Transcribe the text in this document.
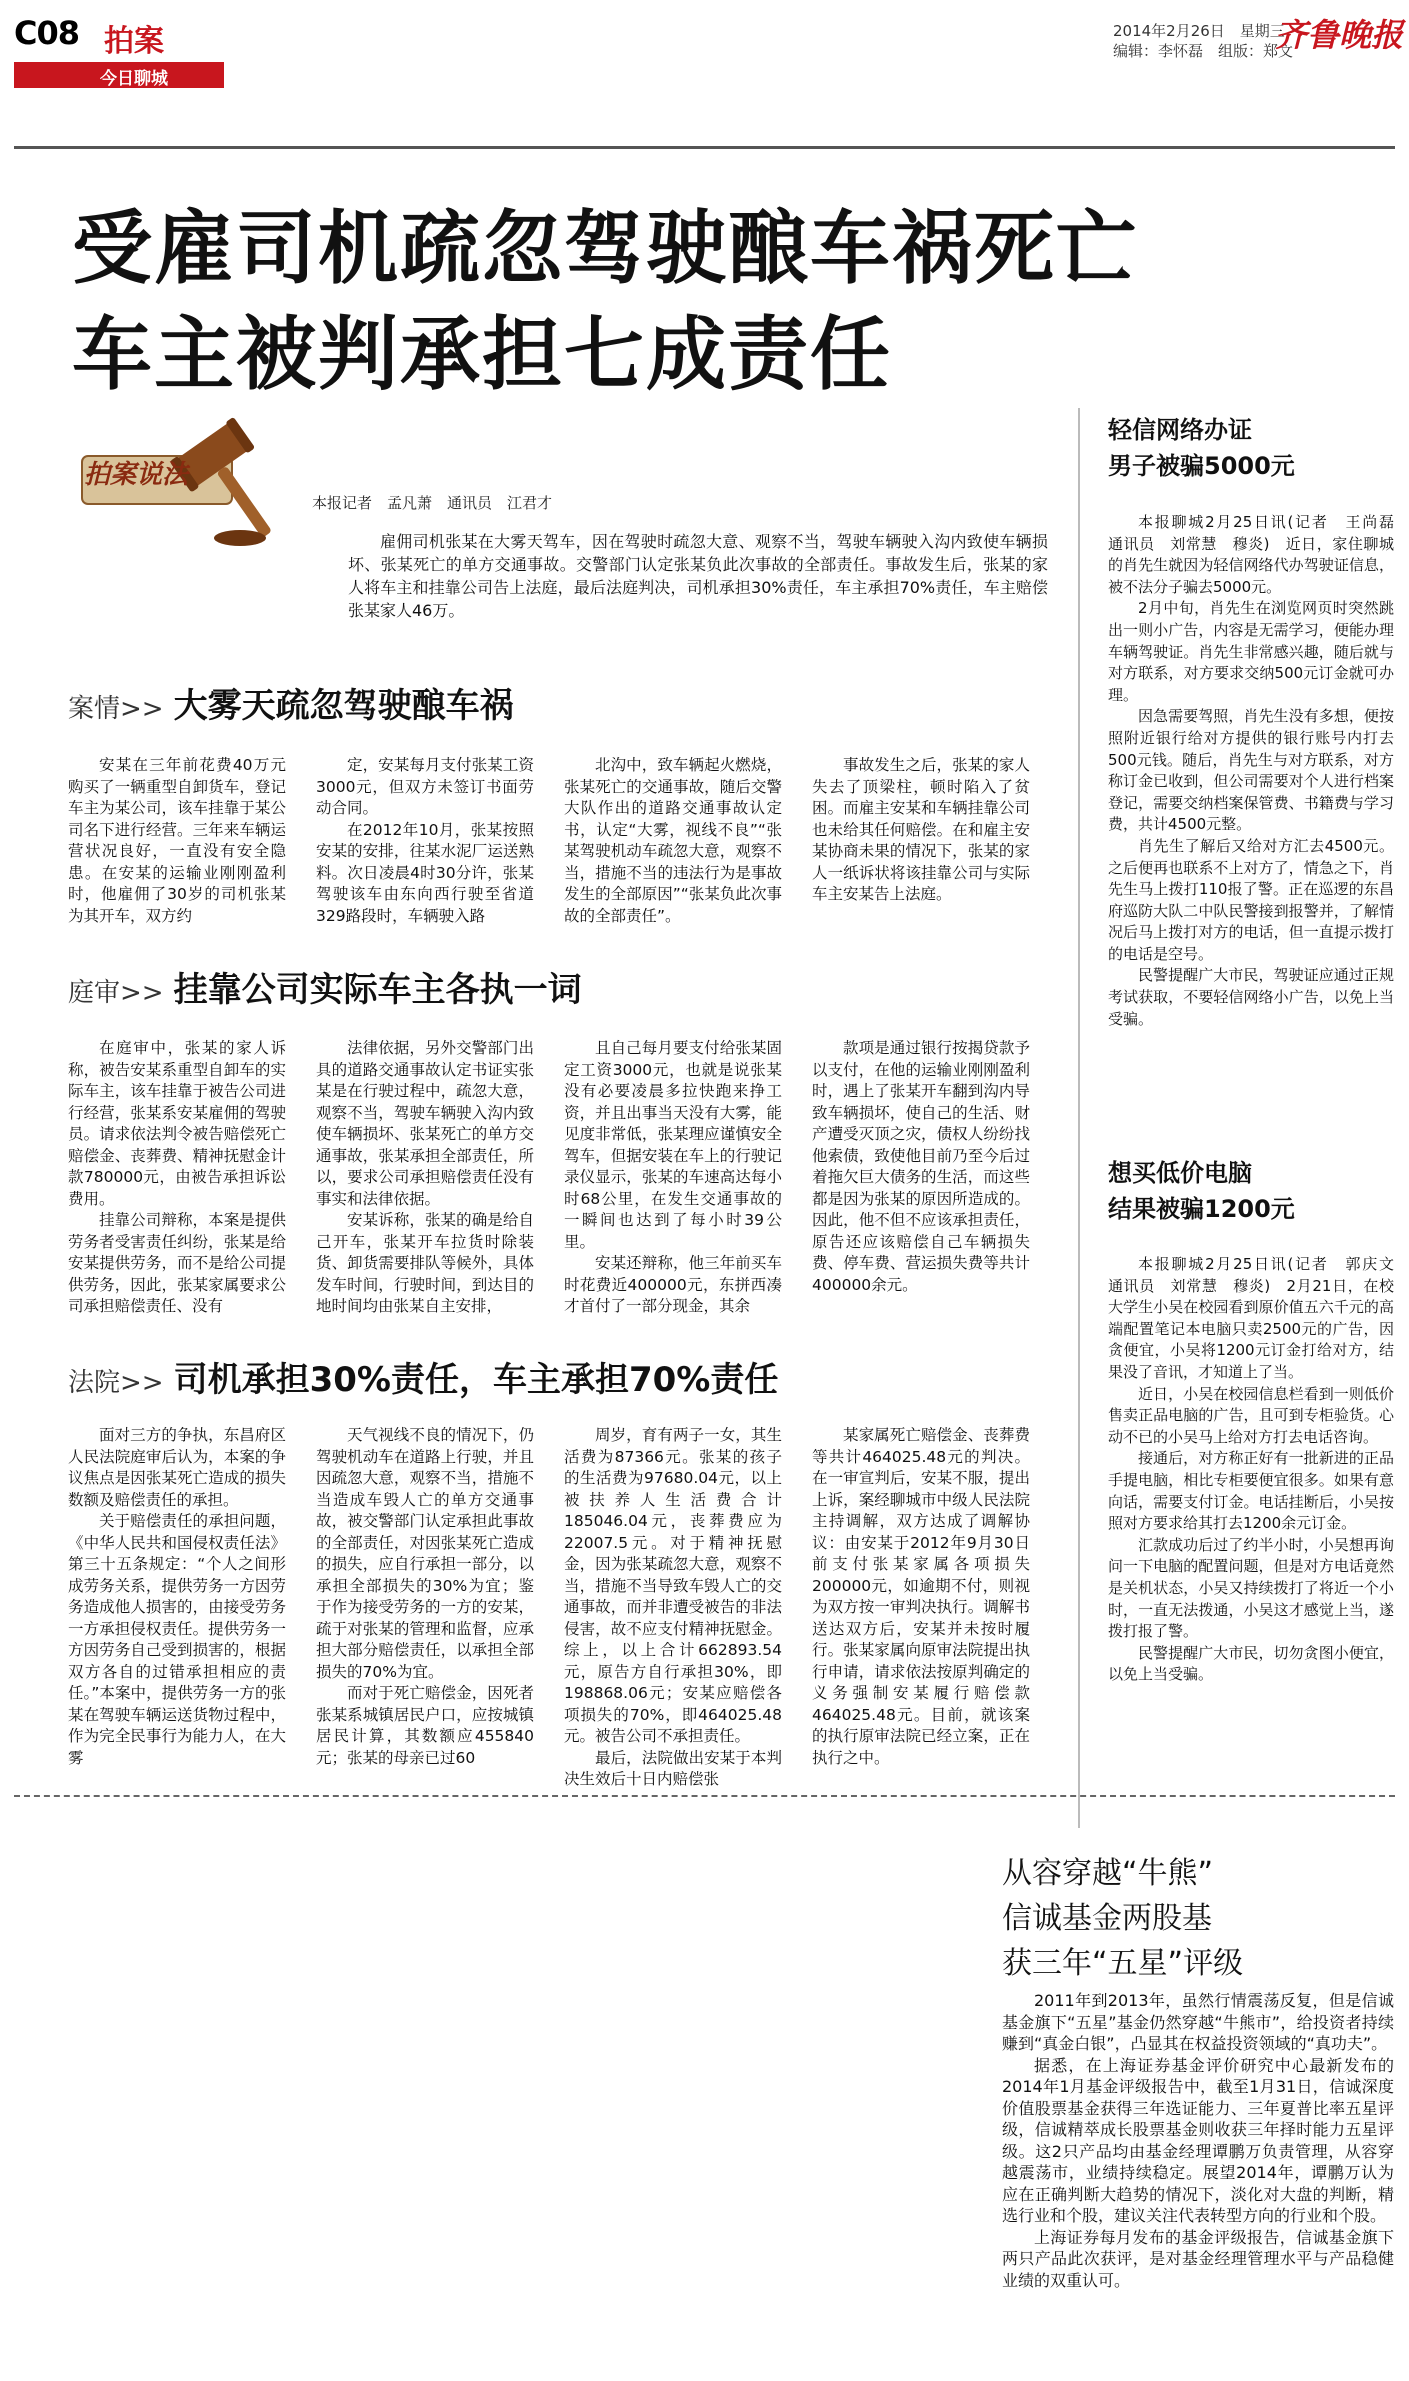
C08 拍案
今日聊城
2014年2月26日　星期三
编辑：李怀磊　组版：郑文
齐鲁晚报
受雇司机疏忽驾驶酿车祸死亡
车主被判承担七成责任
拍案说法
本报记者　孟凡萧　通讯员　江君才
雇佣司机张某在大雾天驾车，因在驾驶时疏忽大意、观察不当，驾驶车辆驶入沟内致使车辆损坏、张某死亡的单方交通事故。交警部门认定张某负此次事故的全部责任。事故发生后，张某的家人将车主和挂靠公司告上法庭，最后法庭判决，司机承担30%责任，车主承担70%责任，车主赔偿张某家人46万。
案情>> 大雾天疏忽驾驶酿车祸

安某在三年前花费40万元购买了一辆重型自卸货车，登记车主为某公司，该车挂靠于某公司名下进行经营。三年来车辆运营状况良好，一直没有安全隐患。在安某的运输业刚刚盈利时，他雇佣了30岁的司机张某为其开车，双方约

定，安某每月支付张某工资3000元，但双方未签订书面劳动合同。

在2012年10月，张某按照安某的安排，往某水泥厂运送熟料。次日凌晨4时30分许，张某驾驶该车由东向西行驶至省道329路段时，车辆驶入路

北沟中，致车辆起火燃烧，张某死亡的交通事故，随后交警大队作出的道路交通事故认定书，认定“大雾，视线不良”“张某驾驶机动车疏忽大意，观察不当，措施不当的违法行为是事故发生的全部原因”“张某负此次事故的全部责任”。

事故发生之后，张某的家人失去了顶梁柱，顿时陷入了贫困。而雇主安某和车辆挂靠公司也未给其任何赔偿。在和雇主安某协商未果的情况下，张某的家人一纸诉状将该挂靠公司与实际车主安某告上法庭。

庭审>> 挂靠公司实际车主各执一词

在庭审中，张某的家人诉称，被告安某系重型自卸车的实际车主，该车挂靠于被告公司进行经营，张某系安某雇佣的驾驶员。请求依法判令被告赔偿死亡赔偿金、丧葬费、精神抚慰金计款780000元，由被告承担诉讼费用。

挂靠公司辩称，本案是提供劳务者受害责任纠纷，张某是给安某提供劳务，而不是给公司提供劳务，因此，张某家属要求公司承担赔偿责任、没有

法律依据，另外交警部门出具的道路交通事故认定书证实张某是在行驶过程中，疏忽大意，观察不当，驾驶车辆驶入沟内致使车辆损坏、张某死亡的单方交通事故，张某承担全部责任，所以，要求公司承担赔偿责任没有事实和法律依据。

安某诉称，张某的确是给自己开车，张某开车拉货时除装货、卸货需要排队等候外，具体发车时间，行驶时间，到达目的地时间均由张某自主安排，

且自己每月要支付给张某固定工资3000元，也就是说张某没有必要凌晨多拉快跑来挣工资，并且出事当天没有大雾，能见度非常低，张某理应谨慎安全驾车，但据安装在车上的行驶记录仪显示，张某的车速高达每小时68公里，在发生交通事故的一瞬间也达到了每小时39公里。

安某还辩称，他三年前买车时花费近400000元，东拼西凑才首付了一部分现金，其余

款项是通过银行按揭贷款予以支付，在他的运输业刚刚盈利时，遇上了张某开车翻到沟内导致车辆损坏，使自己的生活、财产遭受灭顶之灾，债权人纷纷找他索债，致使他目前乃至今后过着拖欠巨大债务的生活，而这些都是因为张某的原因所造成的。因此，他不但不应该承担责任，原告还应该赔偿自己车辆损失费、停车费、营运损失费等共计400000余元。

法院>> 司机承担30%责任，车主承担70%责任

面对三方的争执，东昌府区人民法院庭审后认为，本案的争议焦点是因张某死亡造成的损失数额及赔偿责任的承担。

关于赔偿责任的承担问题，《中华人民共和国侵权责任法》第三十五条规定：“个人之间形成劳务关系，提供劳务一方因劳务造成他人损害的，由接受劳务一方承担侵权责任。提供劳务一方因劳务自己受到损害的，根据双方各自的过错承担相应的责任。”本案中，提供劳务一方的张某在驾驶车辆运送货物过程中，作为完全民事行为能力人，在大雾

天气视线不良的情况下，仍驾驶机动车在道路上行驶，并且因疏忽大意，观察不当，措施不当造成车毁人亡的单方交通事故，被交警部门认定承担此事故的全部责任，对因张某死亡造成的损失，应自行承担一部分，以承担全部损失的30%为宜；鉴于作为接受劳务的一方的安某，疏于对张某的管理和监督，应承担大部分赔偿责任，以承担全部损失的70%为宜。

而对于死亡赔偿金，因死者张某系城镇居民户口，应按城镇居民计算，其数额应455840元；张某的母亲已过60

周岁，育有两子一女，其生活费为87366元。张某的孩子的生活费为97680.04元，以上被扶养人生活费合计185046.04元，丧葬费应为22007.5元。对于精神抚慰金，因为张某疏忽大意，观察不当，措施不当导致车毁人亡的交通事故，而并非遭受被告的非法侵害，故不应支付精神抚慰金。综上，以上合计662893.54元，原告方自行承担30%，即198868.06元；安某应赔偿各项损失的70%，即464025.48元。被告公司不承担责任。

最后，法院做出安某于本判决生效后十日内赔偿张

某家属死亡赔偿金、丧葬费等共计464025.48元的判决。在一审宣判后，安某不服，提出上诉，案经聊城市中级人民法院主持调解，双方达成了调解协议：由安某于2012年9月30日前支付张某家属各项损失200000元，如逾期不付，则视为双方按一审判决执行。调解书送达双方后，安某并未按时履行。张某家属向原审法院提出执行申请，请求依法按原判确定的义务强制安某履行赔偿款464025.48元。目前，就该案的执行原审法院已经立案，正在执行之中。

轻信网络办证
男子被骗5000元

本报聊城2月25日讯(记者　王尚磊　通讯员　刘常慧　穆炎)　近日，家住聊城的肖先生就因为轻信网络代办驾驶证信息，被不法分子骗去5000元。

2月中旬，肖先生在浏览网页时突然跳出一则小广告，内容是无需学习，便能办理车辆驾驶证。肖先生非常感兴趣，随后就与对方联系，对方要求交纳500元订金就可办理。

因急需要驾照，肖先生没有多想，便按照附近银行给对方提供的银行账号内打去500元钱。随后，肖先生与对方联系，对方称订金已收到，但公司需要对个人进行档案登记，需要交纳档案保管费、书籍费与学习费，共计4500元整。

肖先生了解后又给对方汇去4500元。之后便再也联系不上对方了，情急之下，肖先生马上拨打110报了警。正在巡逻的东昌府巡防大队二中队民警接到报警并，了解情况后马上拨打对方的电话，但一直提示拨打的电话是空号。

民警提醒广大市民，驾驶证应通过正规考试获取，不要轻信网络小广告，以免上当受骗。

想买低价电脑
结果被骗1200元

本报聊城2月25日讯(记者　郭庆文　通讯员　刘常慧　穆炎)　2月21日，在校大学生小吴在校园看到原价值五六千元的高端配置笔记本电脑只卖2500元的广告，因贪便宜，小吴将1200元订金打给对方，结果没了音讯，才知道上了当。

近日，小吴在校园信息栏看到一则低价售卖正品电脑的广告，且可到专柜验货。心动不已的小吴马上给对方打去电话咨询。

接通后，对方称正好有一批新进的正品手提电脑，相比专柜要便宜很多。如果有意向话，需要支付订金。电话挂断后，小吴按照对方要求给其打去1200余元订金。

汇款成功后过了约半小时，小吴想再询问一下电脑的配置问题，但是对方电话竟然是关机状态，小吴又持续拨打了将近一个小时，一直无法拨通，小吴这才感觉上当，遂拨打报了警。

民警提醒广大市民，切勿贪图小便宜，以免上当受骗。

从容穿越“牛熊”
信诚基金两股基
获三年“五星”评级

2011年到2013年，虽然行情震荡反复，但是信诚基金旗下“五星”基金仍然穿越“牛熊市”，给投资者持续赚到“真金白银”，凸显其在权益投资领域的“真功夫”。

据悉，在上海证券基金评价研究中心最新发布的2014年1月基金评级报告中，截至1月31日，信诚深度价值股票基金获得三年选证能力、三年夏普比率五星评级，信诚精萃成长股票基金则收获三年择时能力五星评级。这2只产品均由基金经理谭鹏万负责管理，从容穿越震荡市，业绩持续稳定。展望2014年，谭鹏万认为应在正确判断大趋势的情况下，淡化对大盘的判断，精选行业和个股，建议关注代表转型方向的行业和个股。

上海证券每月发布的基金评级报告，信诚基金旗下两只产品此次获评，是对基金经理管理水平与产品稳健业绩的双重认可。
